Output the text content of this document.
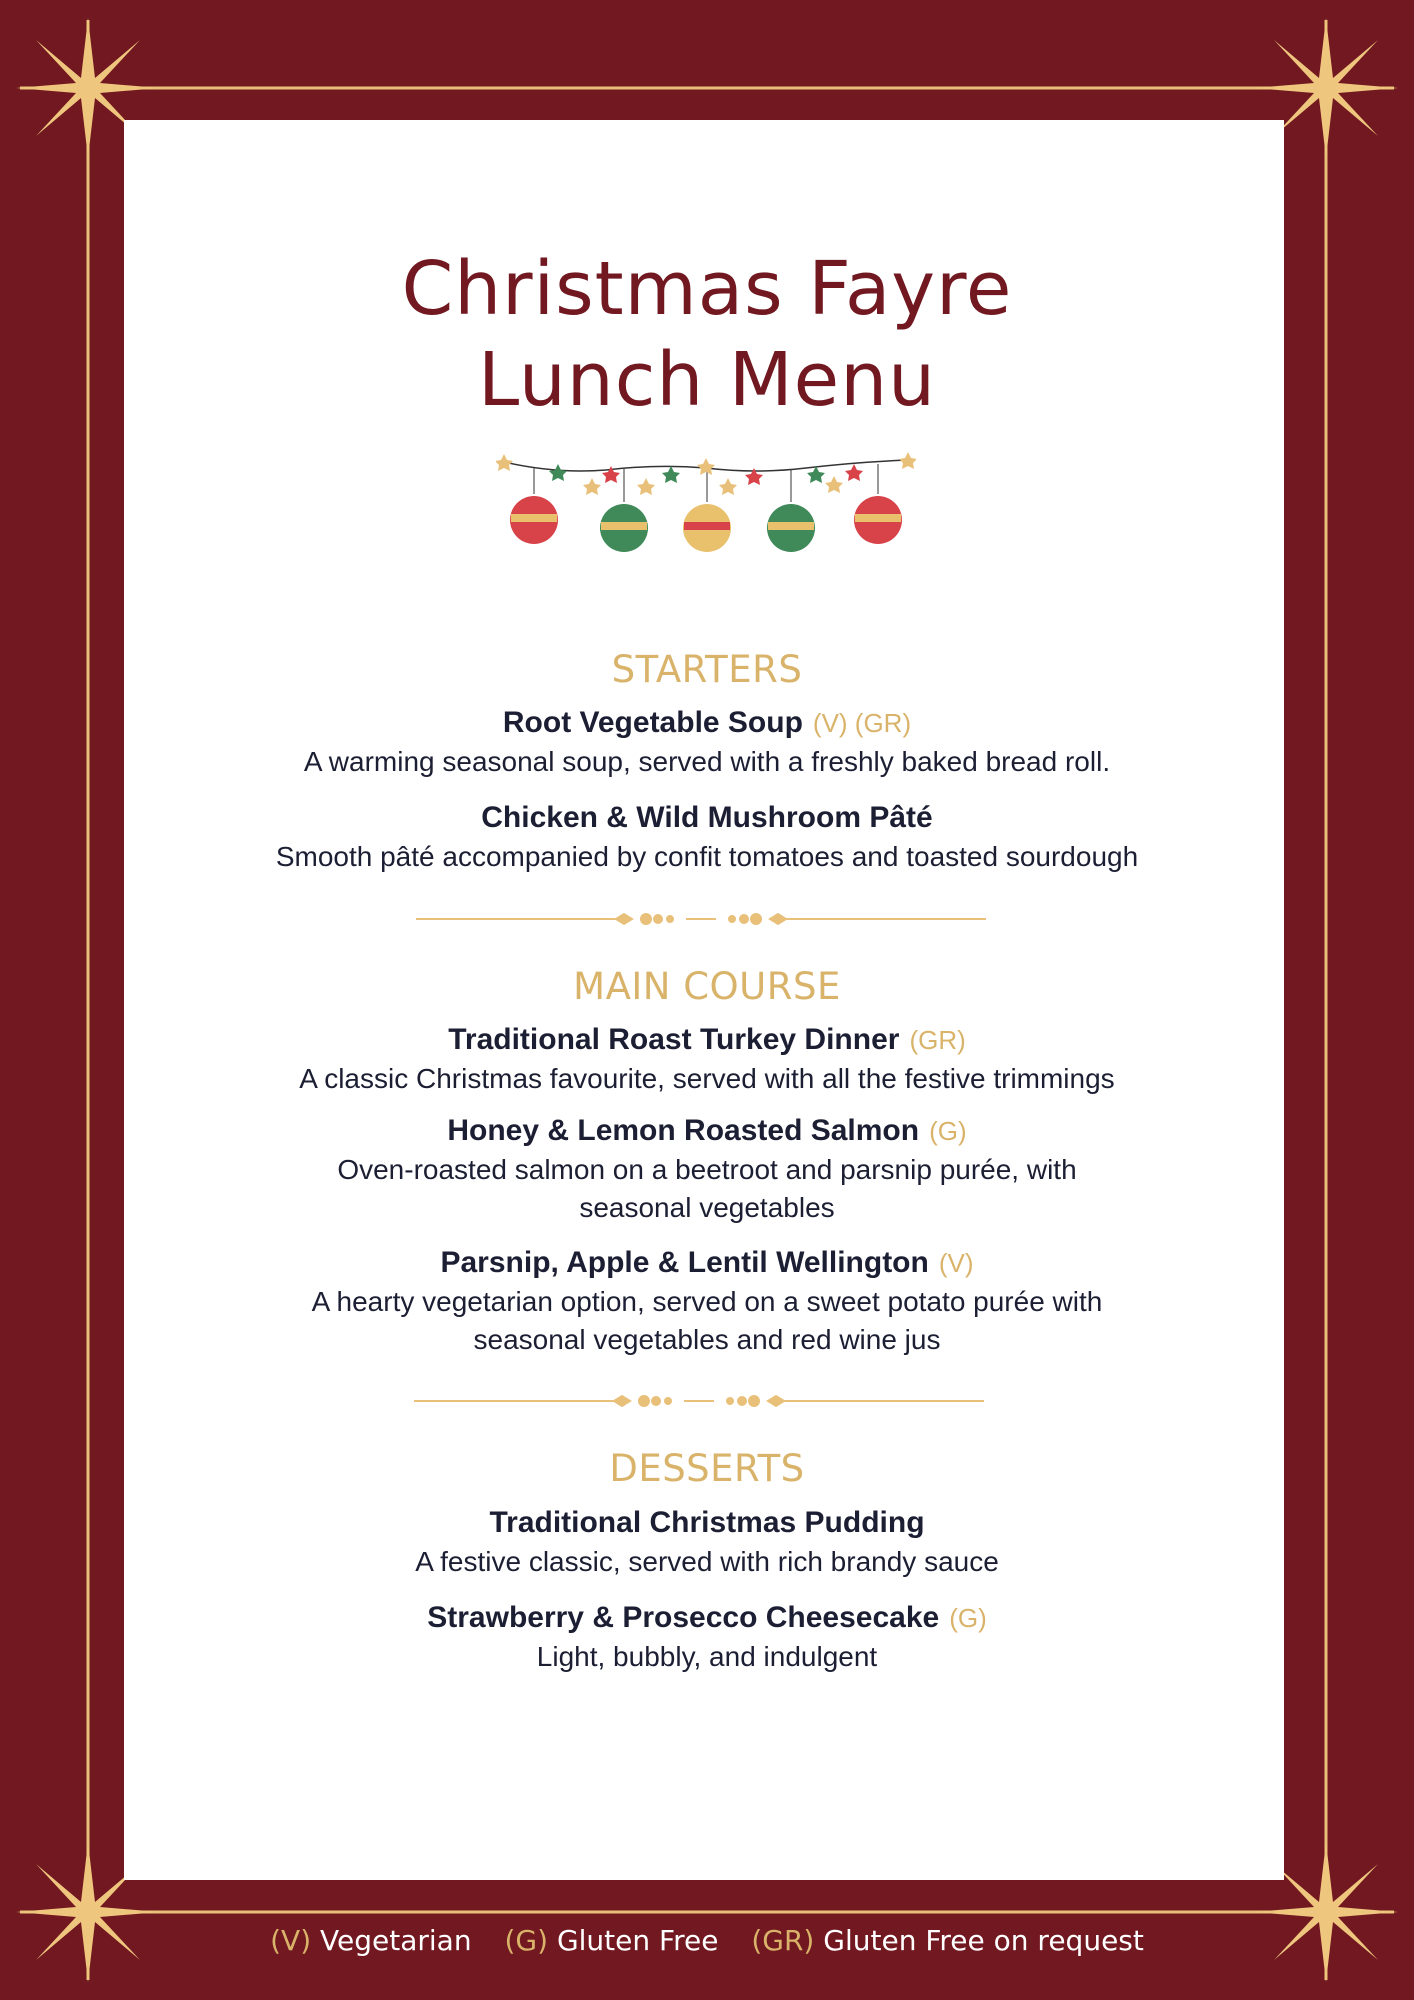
Christmas Fayre
Lunch Menu
STARTERS
Root Vegetable Soup (V) (GR)
A warming seasonal soup, served with a freshly baked bread roll.
Chicken & Wild Mushroom Pâté
Smooth pâté accompanied by confit tomatoes and toasted sourdough
MAIN COURSE
Traditional Roast Turkey Dinner (GR)
A classic Christmas favourite, served with all the festive trimmings
Honey & Lemon Roasted Salmon (G)
Oven-roasted salmon on a beetroot and parsnip purée, with
seasonal vegetables
Parsnip, Apple & Lentil Wellington (V)
A hearty vegetarian option, served on a sweet potato purée with
seasonal vegetables and red wine jus
DESSERTS
Traditional Christmas Pudding
A festive classic, served with rich brandy sauce
Strawberry & Prosecco Cheesecake (G)
Light, bubbly, and indulgent
(V) Vegetarian (G) Gluten Free (GR) Gluten Free on request
